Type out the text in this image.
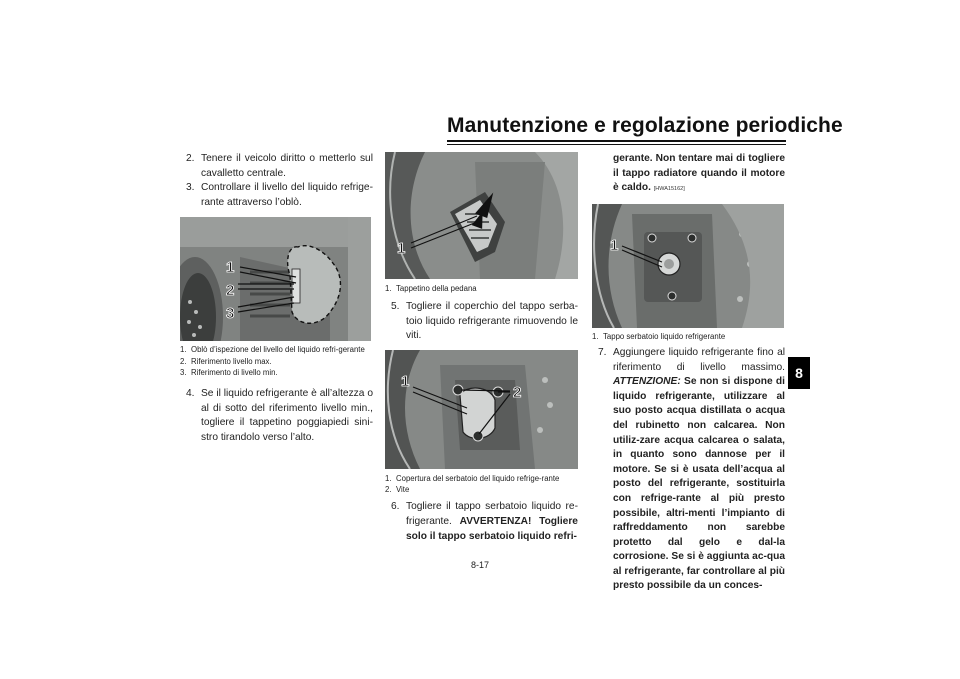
Manutenzione e regolazione periodiche

2. Tenere il veicolo diritto o metterlo sul cavalletto centrale.

3. Controllare il livello del liquido refrige-rante attraverso l’oblò.

1
2
3
1. Oblò d’ispezione del livello del liquido refri-gerante
2. Riferimento livello max.
3. Riferimento di livello min.

4. Se il liquido refrigerante è all’altezza o al di sotto del riferimento livello min., togliere il tappetino poggiapiedi sini-stro tirandolo verso l’alto.

1
1. Tappetino della pedana

5. Togliere il coperchio del tappo serba-toio liquido refrigerante rimuovendo le viti.

1
2
1. Copertura del serbatoio del liquido refrige-rante
2. Vite

6. Togliere il tappo serbatoio liquido re-frigerante. AVVERTENZA! Togliere solo il tappo serbatoio liquido refri-

gerante. Non tentare mai di togliere il tappo radiatore quando il motore è caldo. [HWA15162]

1
1. Tappo serbatoio liquido refrigerante

7. Aggiungere liquido refrigerante fino al riferimento di livello massimo. ATTENZIONE: Se non si dispone di liquido refrigerante, utilizzare al suo posto acqua distillata o acqua del rubinetto non calcarea. Non utiliz-zare acqua calcarea o salata, in quanto sono dannose per il motore. Se si è usata dell’acqua al posto del refrigerante, sostituirla con refrige-rante al più presto possibile, altri-menti l’impianto di raffreddamento non sarebbe protetto dal gelo e dal-la corrosione. Se si è aggiunta ac-qua al refrigerante, far controllare al più presto possibile da un conces-

8
8-17
